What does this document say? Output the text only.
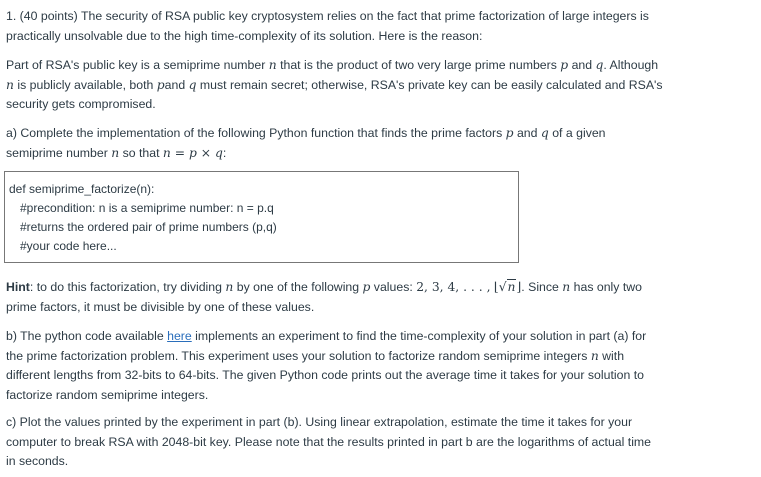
1. (40 points) The security of RSA public key cryptosystem relies on the fact that prime factorization of large integers is

practically unsolvable due to the high time-complexity of its solution. Here is the reason:

Part of RSA's public key is a semiprime number n that is the product of two very large prime numbers p and q. Although

n is publicly available, both pand q must remain secret; otherwise, RSA's private key can be easily calculated and RSA's

security gets compromised.

a) Complete the implementation of the following Python function that finds the prime factors p and q of a given

semiprime number n so that n = p × q:

def semiprime_factorize(n):
#precondition: n is a semiprime number: n = p.q
#returns the ordered pair of prime numbers (p,q)
#your code here...

Hint: to do this factorization, try dividing n by one of the following p values: 2, 3, 4, . . . , ⌊√n⌋. Since n has only two

prime factors, it must be divisible by one of these values.

b) The python code available here implements an experiment to find the time-complexity of your solution in part (a) for

the prime factorization problem. This experiment uses your solution to factorize random semiprime integers n with

different lengths from 32-bits to 64-bits. The given Python code prints out the average time it takes for your solution to

factorize random semiprime integers.

c) Plot the values printed by the experiment in part (b). Using linear extrapolation, estimate the time it takes for your

computer to break RSA with 2048-bit key. Please note that the results printed in part b are the logarithms of actual time

in seconds.
